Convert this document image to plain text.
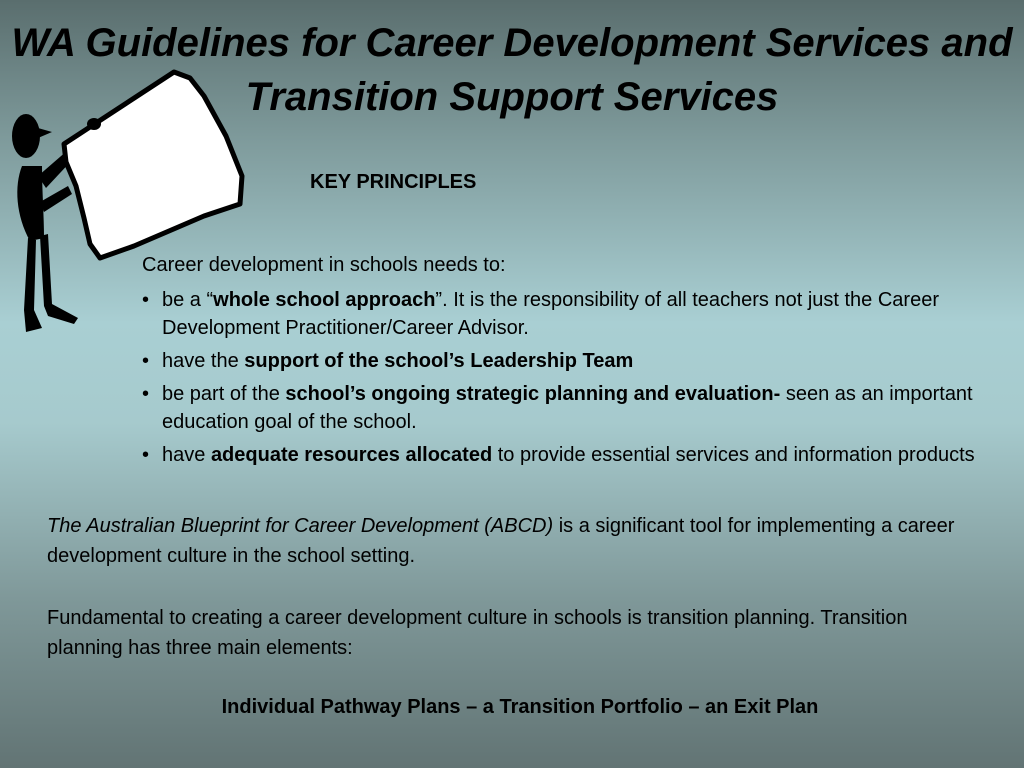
WA Guidelines for Career Development Services and Transition Support Services
KEY PRINCIPLES
Career development in schools needs to:
• be a “whole school approach”. It is the responsibility of all teachers not just the Career Development Practitioner/Career Advisor.
• have the support of the school’s Leadership Team
• be part of the school’s ongoing strategic planning and evaluation- seen as an important education goal of the school.
• have adequate resources allocated to provide essential services and information products

The Australian Blueprint for Career Development (ABCD) is a significant tool for implementing a career development culture in the school setting.

Fundamental to creating a career development culture in schools is transition planning. Transition planning has three main elements:

Individual Pathway Plans – a Transition Portfolio – an Exit Plan
